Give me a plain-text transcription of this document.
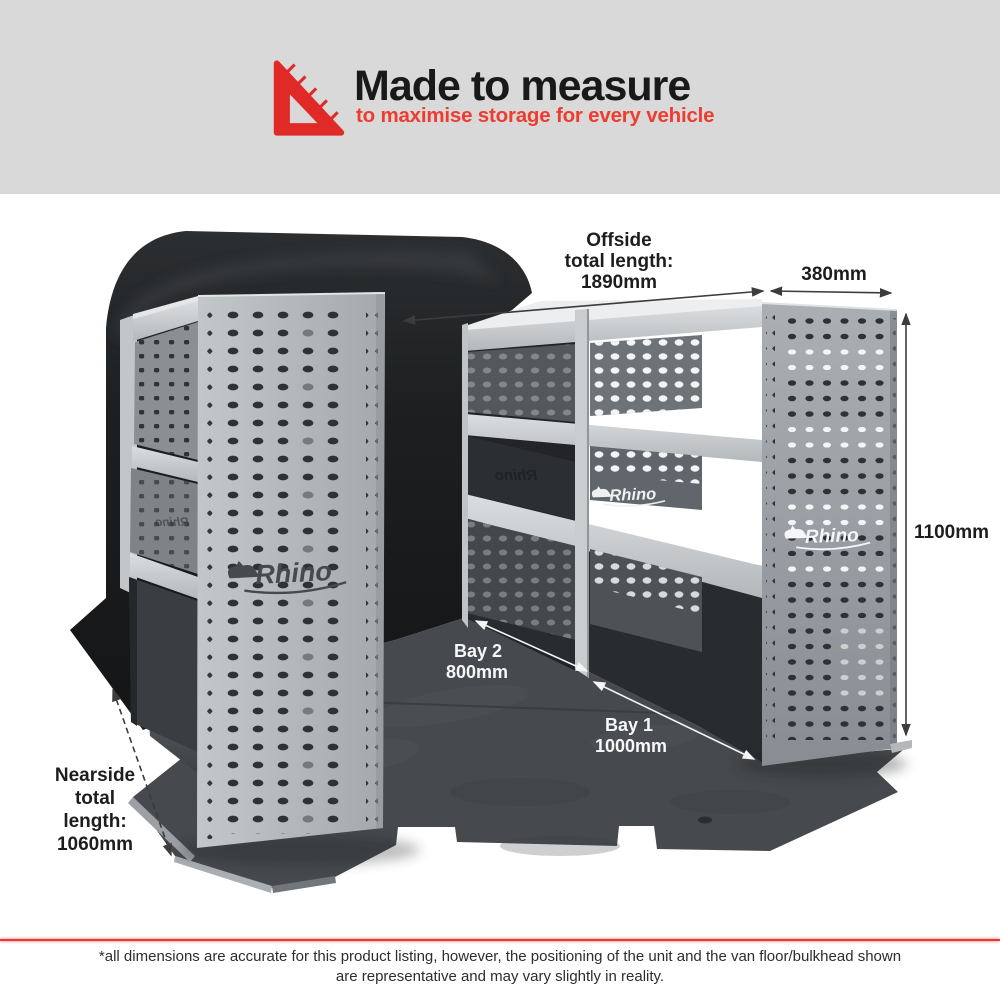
Made to measure
to maximise storage for every vehicle
Rhino
Rhino
Rhino
Rhino
Rhino
Offside
total length:
1890mm	380mm
1100mm
Bay 2
800mm
Bay 1
1000mm
Nearside
total
length:
1060mm
*all dimensions are accurate for this product listing, however, the positioning of the unit and the van floor/bulkhead shown
are representative and may vary slightly in reality.
